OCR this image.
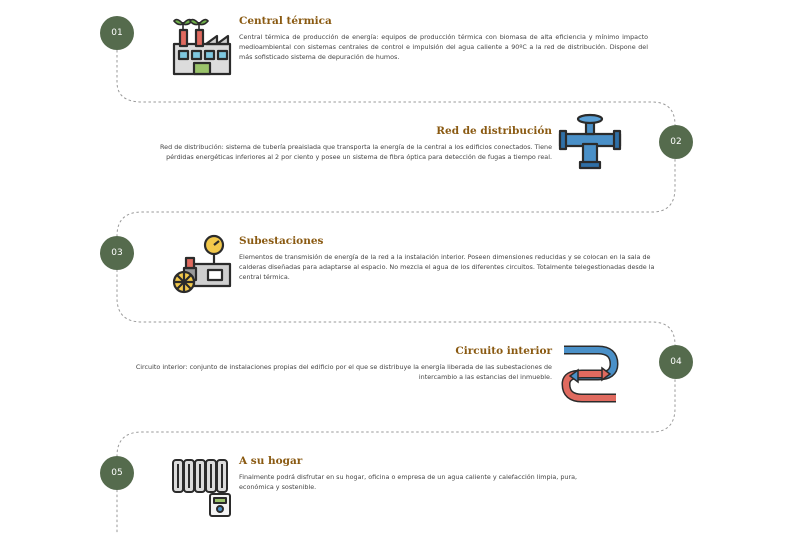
01
Central térmica

Central térmica de producción de energía: equipos de producción térmica con biomasa de alta eficiencia y mínimo impacto medioambiental con sistemas centrales de control e impulsión del agua caliente a 90ºC a la red de distribución. Dispone del más sofisticado sistema de depuración de humos.

02
Red de distribución

Red de distribución: sistema de tubería preaislada que transporta la energía de la central a los edificios conectados. Tiene pérdidas energéticas inferiores al 2 por ciento y posee un sistema de fibra óptica para detección de fugas a tiempo real.

03
Subestaciones

Elementos de transmisión de energía de la red a la instalación interior. Poseen dimensiones reducidas y se colocan en la sala de calderas diseñadas para adaptarse al espacio. No mezcla el agua de los diferentes circuitos. Totalmente telegestionadas desde la central térmica.

04
Circuito interior

Circuito interior: conjunto de instalaciones propias del edificio por el que se distribuye la energía liberada de las subestaciones de intercambio a las estancias del inmueble.

05
A su hogar

Finalmente podrá disfrutar en su hogar, oficina o empresa de un agua caliente y calefacción limpia, pura, económica y sostenible.
